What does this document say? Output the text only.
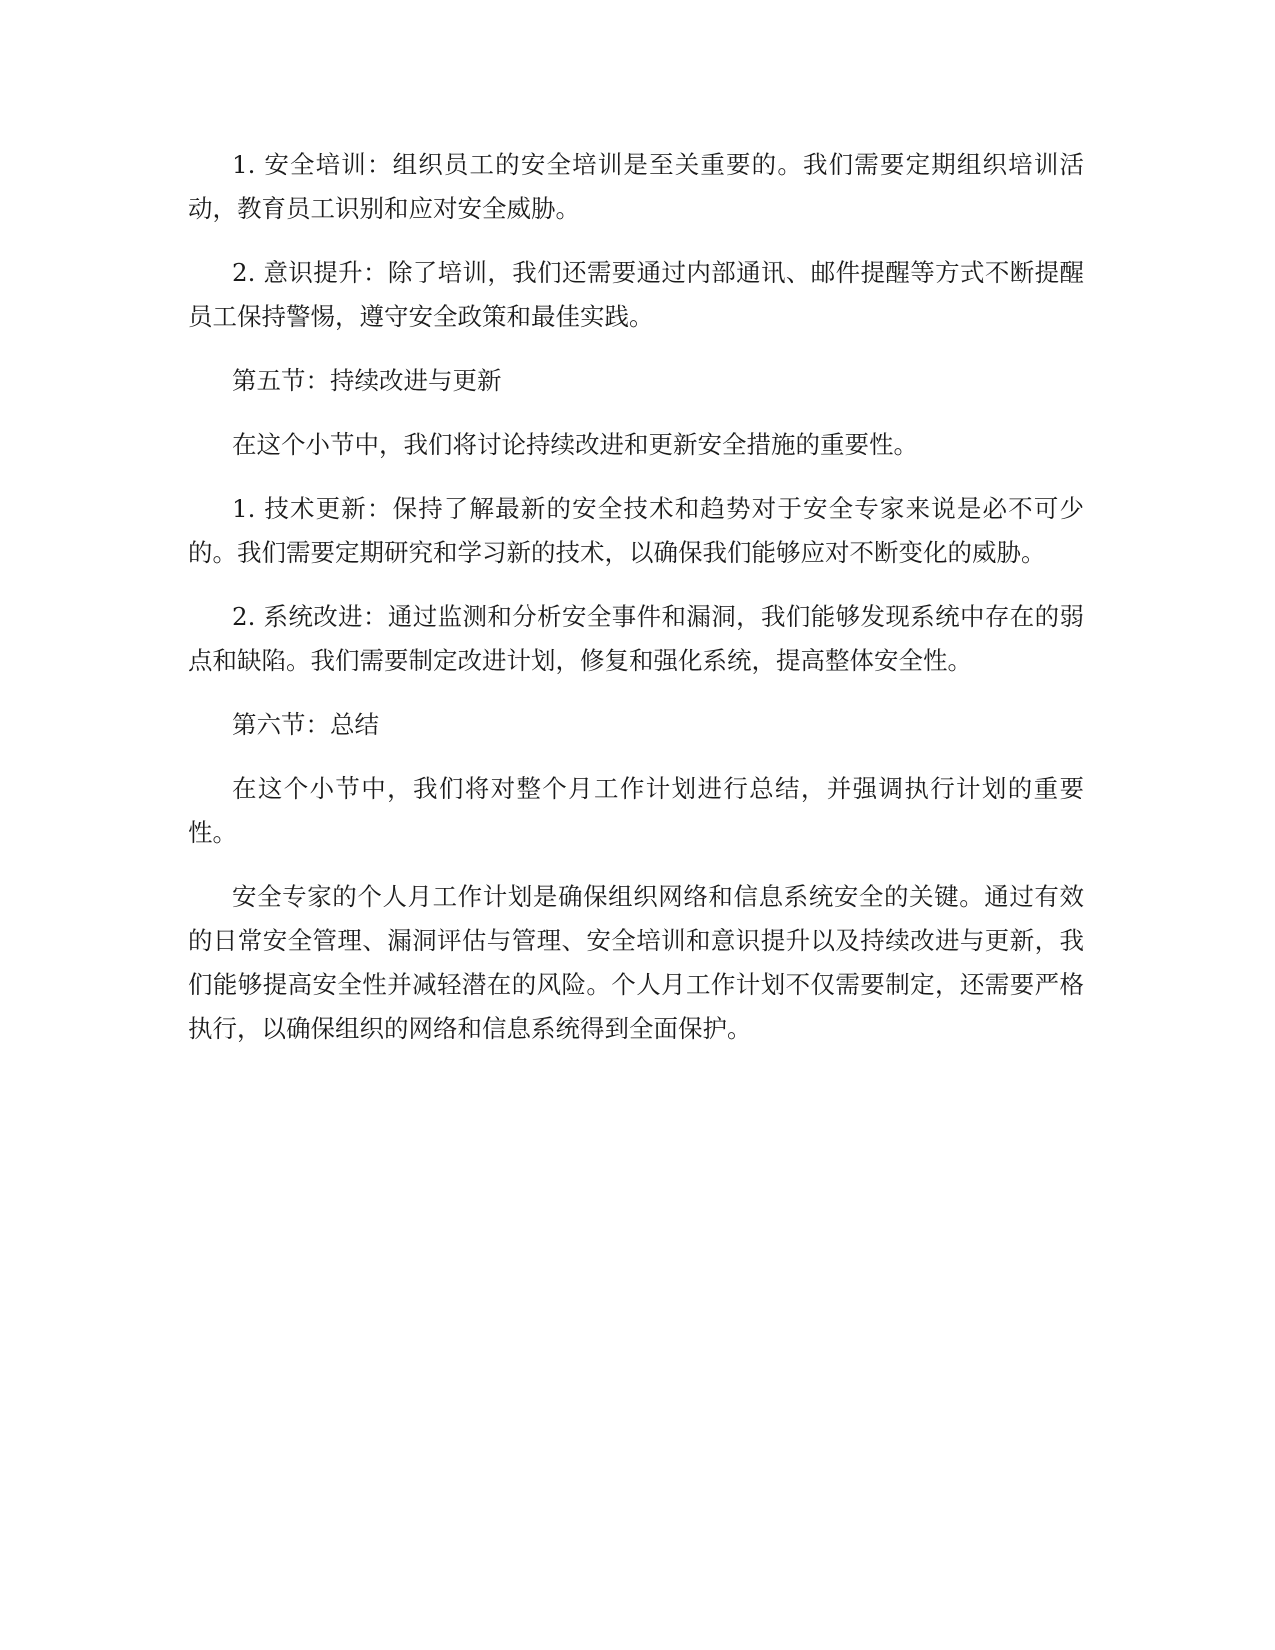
1. 安全培训：组织员工的安全培训是至关重要的。我们需要定期组织培训活动，教育员工识别和应对安全威胁。

2. 意识提升：除了培训，我们还需要通过内部通讯、邮件提醒等方式不断提醒员工保持警惕，遵守安全政策和最佳实践。

第五节：持续改进与更新

在这个小节中，我们将讨论持续改进和更新安全措施的重要性。

1. 技术更新：保持了解最新的安全技术和趋势对于安全专家来说是必不可少的。我们需要定期研究和学习新的技术，以确保我们能够应对不断变化的威胁。

2. 系统改进：通过监测和分析安全事件和漏洞，我们能够发现系统中存在的弱点和缺陷。我们需要制定改进计划，修复和强化系统，提高整体安全性。

第六节：总结

在这个小节中，我们将对整个月工作计划进行总结，并强调执行计划的重要性。

安全专家的个人月工作计划是确保组织网络和信息系统安全的关键。通过有效的日常安全管理、漏洞评估与管理、安全培训和意识提升以及持续改进与更新，我们能够提高安全性并减轻潜在的风险。个人月工作计划不仅需要制定，还需要严格执行，以确保组织的网络和信息系统得到全面保护。
